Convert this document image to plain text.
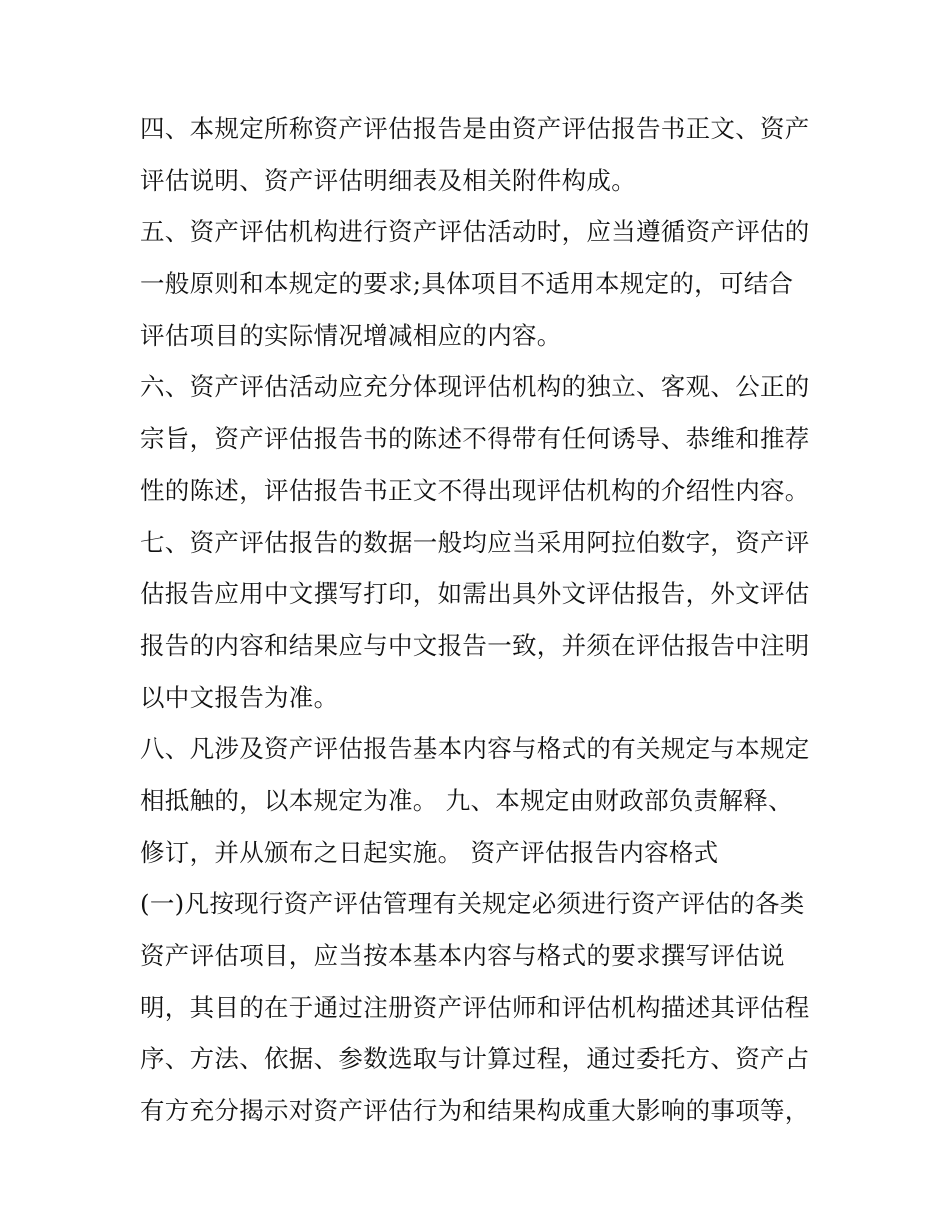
四、本规定所称资产评估报告是由资产评估报告书正文、资产
评估说明、资产评估明细表及相关附件构成。
五、资产评估机构进行资产评估活动时，应当遵循资产评估的
一般原则和本规定的要求;具体项目不适用本规定的，可结合
评估项目的实际情况增减相应的内容。
六、资产评估活动应充分体现评估机构的独立、客观、公正的
宗旨，资产评估报告书的陈述不得带有任何诱导、恭维和推荐
性的陈述，评估报告书正文不得出现评估机构的介绍性内容。
七、资产评估报告的数据一般均应当采用阿拉伯数字，资产评
估报告应用中文撰写打印，如需出具外文评估报告，外文评估
报告的内容和结果应与中文报告一致，并须在评估报告中注明
以中文报告为准。
八、凡涉及资产评估报告基本内容与格式的有关规定与本规定
相抵触的，以本规定为准。 九、本规定由财政部负责解释、
修订，并从颁布之日起实施。 资产评估报告内容格式
(一)凡按现行资产评估管理有关规定必须进行资产评估的各类
资产评估项目，应当按本基本内容与格式的要求撰写评估说
明，其目的在于通过注册资产评估师和评估机构描述其评估程
序、方法、依据、参数选取与计算过程，通过委托方、资产占
有方充分揭示对资产评估行为和结果构成重大影响的事项等，
